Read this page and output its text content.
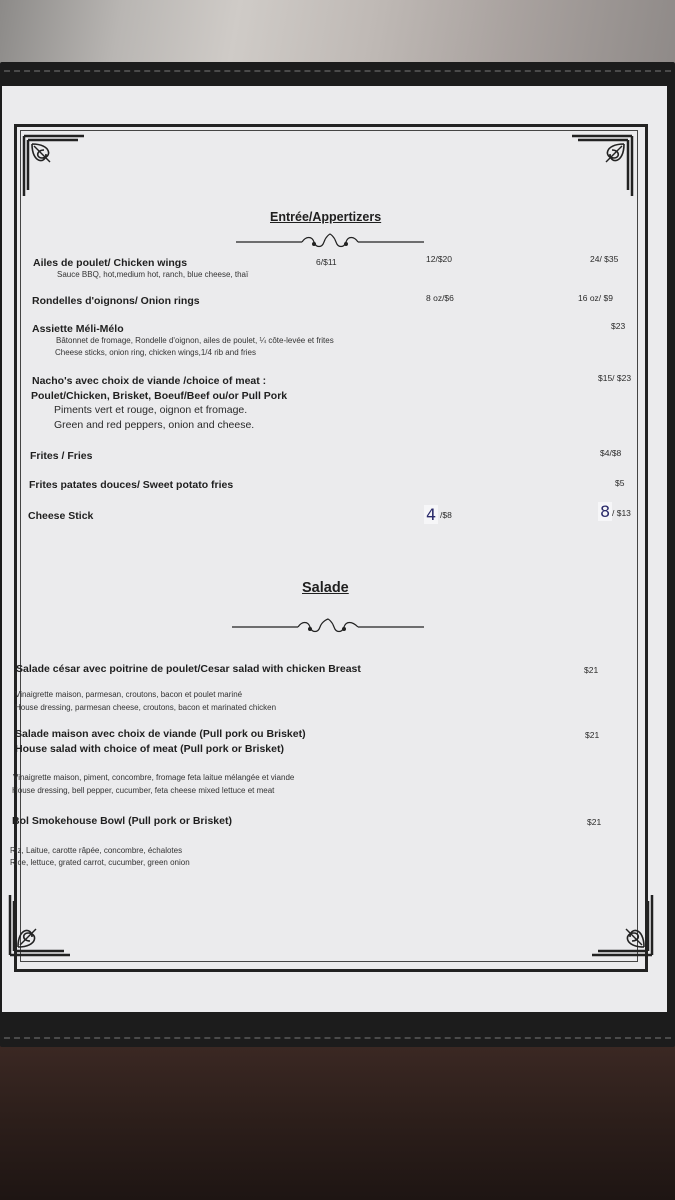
Entrée/Appertizers
Ailes de poulet/ Chicken wings	6/$11	12/$20	24/ $35
Sauce BBQ, hot,medium hot, ranch, blue cheese, thaï
Rondelles d'oignons/ Onion rings	8 oz/$6	16 oz/ $9
Assiette Méli-Mélo	$23
Bâtonnet de fromage, Rondelle d'oignon, ailes de poulet, ¼ côte-levée et frites
Cheese sticks, onion ring, chicken wings,1/4 rib and fries
Nacho's avec choix de viande /choice of meat :	$15/ $23
Poulet/Chicken, Brisket, Boeuf/Beef ou/or Pull Pork
Piments vert et rouge, oignon et fromage.
Green and red peppers, onion and cheese.
Frites / Fries	$4/$8
Frites patates douces/ Sweet potato fries	$5
Cheese Stick	4 /$8	8 / $13
Salade
Salade césar avec poitrine de poulet/Cesar salad with chicken Breast	$21
Vinaigrette maison, parmesan, croutons, bacon et poulet mariné
House dressing, parmesan cheese, croutons, bacon et marinated chicken
Salade maison avec choix de viande (Pull pork ou Brisket)	$21
House salad with choice of meat (Pull pork or Brisket)
Vinaigrette maison, piment, concombre, fromage feta laitue mélangée et viande
House dressing, bell pepper, cucumber, feta cheese mixed lettuce et meat
Bol Smokehouse Bowl (Pull pork or Brisket)	$21
Riz, Laitue, carotte râpée, concombre, échalotes
Rice, lettuce, grated carrot, cucumber, green onion
